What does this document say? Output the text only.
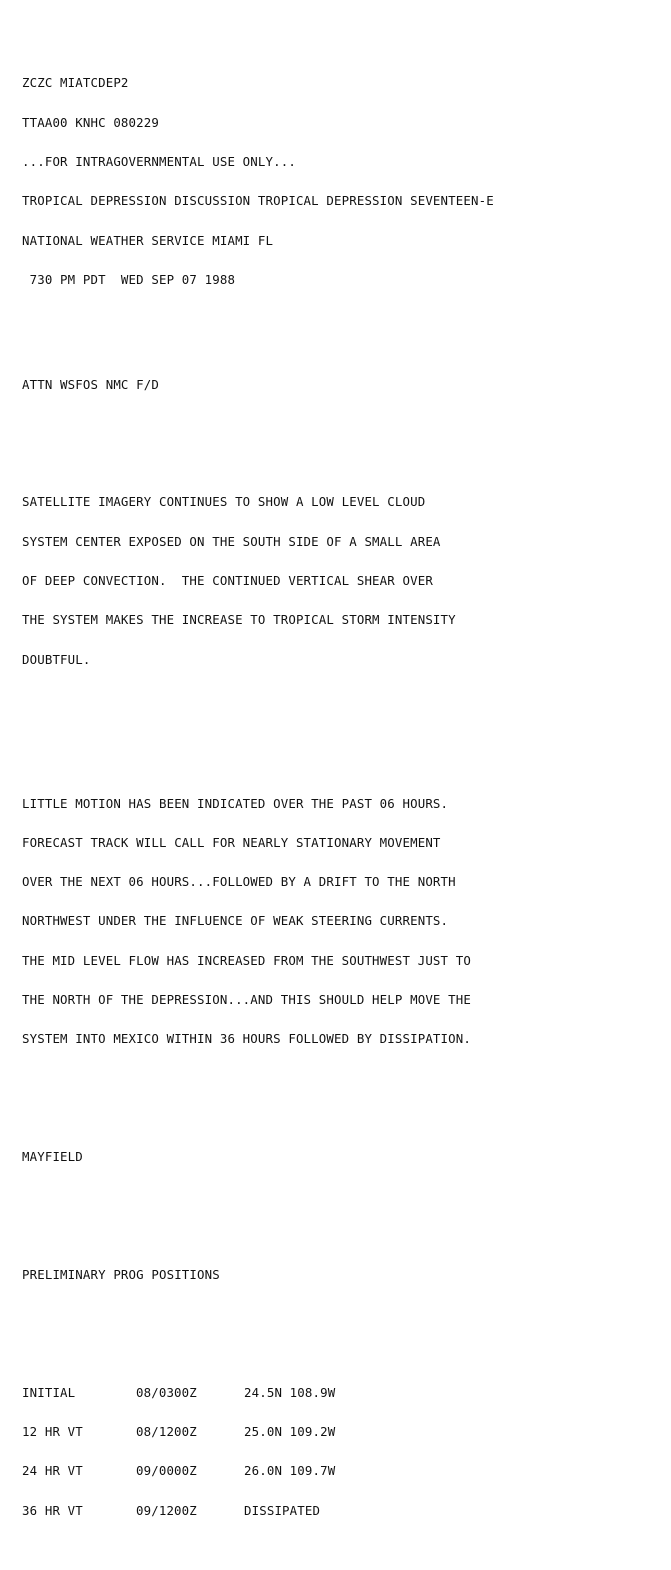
ZCZC MIATCDEP2

TTAA00 KNHC 080229

...FOR INTRAGOVERNMENTAL USE ONLY...

TROPICAL DEPRESSION DISCUSSION TROPICAL DEPRESSION SEVENTEEN-E

NATIONAL WEATHER SERVICE MIAMI FL

730 PM PDT  WED SEP 07 1988

ATTN WSFOS NMC F/D

SATELLITE IMAGERY CONTINUES TO SHOW A LOW LEVEL CLOUD

SYSTEM CENTER EXPOSED ON THE SOUTH SIDE OF A SMALL AREA

OF DEEP CONVECTION.  THE CONTINUED VERTICAL SHEAR OVER

THE SYSTEM MAKES THE INCREASE TO TROPICAL STORM INTENSITY

DOUBTFUL.

LITTLE MOTION HAS BEEN INDICATED OVER THE PAST 06 HOURS.

FORECAST TRACK WILL CALL FOR NEARLY STATIONARY MOVEMENT

OVER THE NEXT 06 HOURS...FOLLOWED BY A DRIFT TO THE NORTH

NORTHWEST UNDER THE INFLUENCE OF WEAK STEERING CURRENTS.

THE MID LEVEL FLOW HAS INCREASED FROM THE SOUTHWEST JUST TO

THE NORTH OF THE DEPRESSION...AND THIS SHOULD HELP MOVE THE

SYSTEM INTO MEXICO WITHIN 36 HOURS FOLLOWED BY DISSIPATION.

MAYFIELD

PRELIMINARY PROG POSITIONS

INITIAL

	08/0300Z

	24.5N 108.9W

12 HR VT

	08/1200Z

	25.0N 109.2W

24 HR VT

	09/0000Z

	26.0N 109.7W

36 HR VT

	09/1200Z

	DISSIPATED
